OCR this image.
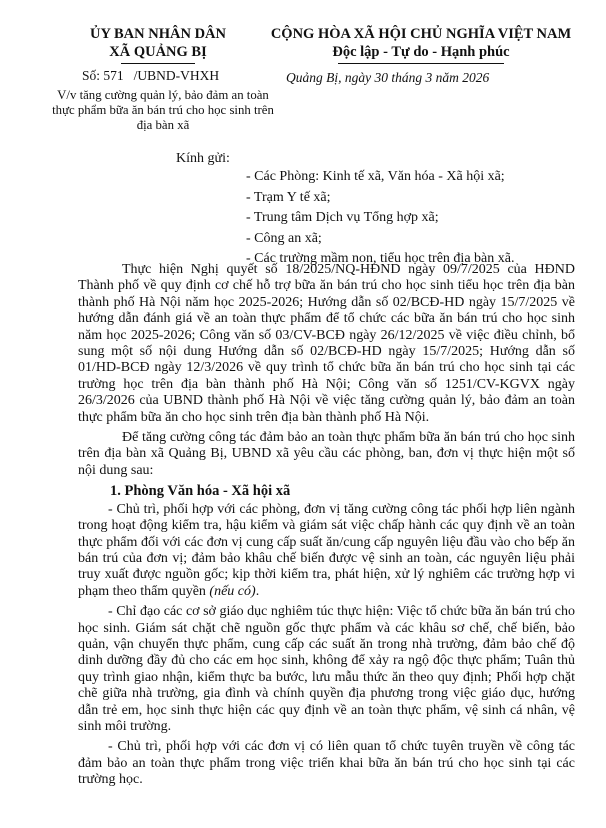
ỦY BAN NHÂN DÂN
XÃ QUẢNG BỊ
CỘNG HÒA XÃ HỘI CHỦ NGHĨA VIỆT NAM
Độc lập - Tự do - Hạnh phúc
Số: 571 /UBND-VHXH	Quảng Bị, ngày 30 tháng 3 năm 2026
V/v tăng cường quản lý, bảo đảm an toàn thực phẩm bữa ăn bán trú cho học sinh trên địa bàn xã
Kính gửi:
- Các Phòng: Kinh tế xã, Văn hóa - Xã hội xã;
- Trạm Y tế xã;
- Trung tâm Dịch vụ Tổng hợp xã;
- Công an xã;
- Các trường mầm non, tiểu học trên địa bàn xã.

Thực hiện Nghị quyết số 18/2025/NQ-HĐND ngày 09/7/2025 của HĐND Thành phố về quy định cơ chế hỗ trợ bữa ăn bán trú cho học sinh tiểu học trên địa bàn thành phố Hà Nội năm học 2025-2026; Hướng dẫn số 02/BCĐ-HD ngày 15/7/2025 về hướng dẫn đánh giá về an toàn thực phẩm để tổ chức các bữa ăn bán trú cho học sinh năm học 2025-2026; Công văn số 03/CV-BCĐ ngày 26/12/2025 về việc điều chỉnh, bổ sung một số nội dung Hướng dẫn số 02/BCĐ-HD ngày 15/7/2025; Hướng dẫn số 01/HD-BCĐ ngày 12/3/2026 về quy trình tổ chức bữa ăn bán trú cho học sinh tại các trường học trên địa bàn thành phố Hà Nội; Công văn số 1251/CV-KGVX ngày 26/3/2026 của UBND thành phố Hà Nội về việc tăng cường quản lý, bảo đảm an toàn thực phẩm bữa ăn cho học sinh trên địa bàn thành phố Hà Nội.

Để tăng cường công tác đảm bảo an toàn thực phẩm bữa ăn bán trú cho học sinh trên địa bàn xã Quảng Bị, UBND xã yêu cầu các phòng, ban, đơn vị thực hiện một số nội dung sau:

1. Phòng Văn hóa - Xã hội xã

- Chủ trì, phối hợp với các phòng, đơn vị tăng cường công tác phối hợp liên ngành trong hoạt động kiểm tra, hậu kiểm và giám sát việc chấp hành các quy định về an toàn thực phẩm đối với các đơn vị cung cấp suất ăn/cung cấp nguyên liệu đầu vào cho bếp ăn bán trú của đơn vị; đảm bảo khâu chế biến được vệ sinh an toàn, các nguyên liệu phải truy xuất được nguồn gốc; kịp thời kiểm tra, phát hiện, xử lý nghiêm các trường hợp vi phạm theo thẩm quyền (nếu có).

- Chỉ đạo các cơ sở giáo dục nghiêm túc thực hiện: Việc tổ chức bữa ăn bán trú cho học sinh. Giám sát chặt chẽ nguồn gốc thực phẩm và các khâu sơ chế, chế biến, bảo quản, vận chuyển thực phẩm, cung cấp các suất ăn trong nhà trường, đảm bảo chế độ dinh dưỡng đầy đủ cho các em học sinh, không để xảy ra ngộ độc thực phẩm; Tuân thủ quy trình giao nhận, kiểm thực ba bước, lưu mẫu thức ăn theo quy định; Phối hợp chặt chẽ giữa nhà trường, gia đình và chính quyền địa phương trong việc giáo dục, hướng dẫn trẻ em, học sinh thực hiện các quy định về an toàn thực phẩm, vệ sinh cá nhân, vệ sinh môi trường.

- Chủ trì, phối hợp với các đơn vị có liên quan tổ chức tuyên truyền về công tác đảm bảo an toàn thực phẩm trong việc triển khai bữa ăn bán trú cho học sinh tại các trường học.
